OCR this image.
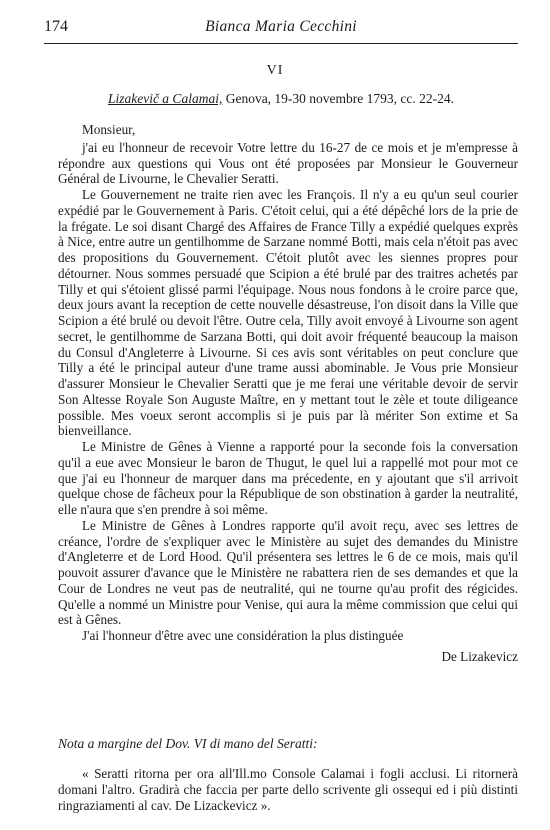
174	Bianca Maria Cecchini
VI
Lizakevič a Calamai, Genova, 19-30 novembre 1793, cc. 22-24.
Monsieur,

j'ai eu l'honneur de recevoir Votre lettre du 16-27 de ce mois et je m'empresse à répondre aux questions qui Vous ont été proposées par Monsieur le Gouverneur Général de Livourne, le Chevalier Seratti.

Le Gouvernement ne traite rien avec les François. Il n'y a eu qu'un seul courier expédié par le Gouvernement à Paris. C'étoit celui, qui a été dépêché lors de la prie de la frégate. Le soi disant Chargé des Affaires de France Tilly a expédié quelques exprès à Nice, entre autre un gentilhomme de Sarzane nommé Botti, mais cela n'étoit pas avec des propositions du Gouvernement. C'étoit plutôt avec les siennes propres pour détourner. Nous sommes persuadé que Scipion a été brulé par des traitres achetés par Tilly et qui s'étoient glissé parmi l'équipage. Nous nous fondons à le croire parce que, deux jours avant la reception de cette nouvelle désastreuse, l'on disoit dans la Ville que Scipion a été brulé ou devoit l'être. Outre cela, Tilly avoit envoyé à Livourne son agent secret, le gentilhomme de Sarzana Botti, qui doit avoir fréquenté beaucoup la maison du Consul d'Angleterre à Livourne. Si ces avis sont véritables on peut conclure que Tilly a été le principal auteur d'une trame aussi abominable. Je Vous prie Monsieur d'assurer Monsieur le Chevalier Seratti que je me ferai une véritable devoir de servir Son Altesse Royale Son Auguste Maître, en y mettant tout le zèle et toute diligeance possible. Mes voeux seront accomplis si je puis par là mériter Son extime et Sa bienveillance.

Le Ministre de Gênes à Vienne a rapporté pour la seconde fois la conversation qu'il a eue avec Monsieur le baron de Thugut, le quel lui a rappellé mot pour mot ce que j'ai eu l'honneur de marquer dans ma précedente, en y ajoutant que s'il arrivoit quelque chose de fâcheux pour la République de son obstination à garder la neutralité, elle n'aura que s'en prendre à soi même.

Le Ministre de Gênes à Londres rapporte qu'il avoit reçu, avec ses lettres de créance, l'ordre de s'expliquer avec le Ministère au sujet des demandes du Ministre d'Angleterre et de Lord Hood. Qu'il présentera ses lettres le 6 de ce mois, mais qu'il pouvoit assurer d'avance que le Ministère ne rabattera rien de ses demandes et que la Cour de Londres ne veut pas de neutralité, qui ne tourne qu'au profit des régicides. Qu'elle a nommé un Ministre pour Venise, qui aura la même commission que celui qui est à Gênes.

J'ai l'honneur d'être avec une considération la plus distinguée

De Lizakevicz
Nota a margine del Dov. VI di mano del Seratti:
« Seratti ritorna per ora all'Ill.mo Console Calamai i fogli acclusi. Li ritornerà domani l'altro. Gradirà che faccia per parte dello scrivente gli ossequi ed i più distinti ringraziamenti al cav. De Lizackevicz ».
